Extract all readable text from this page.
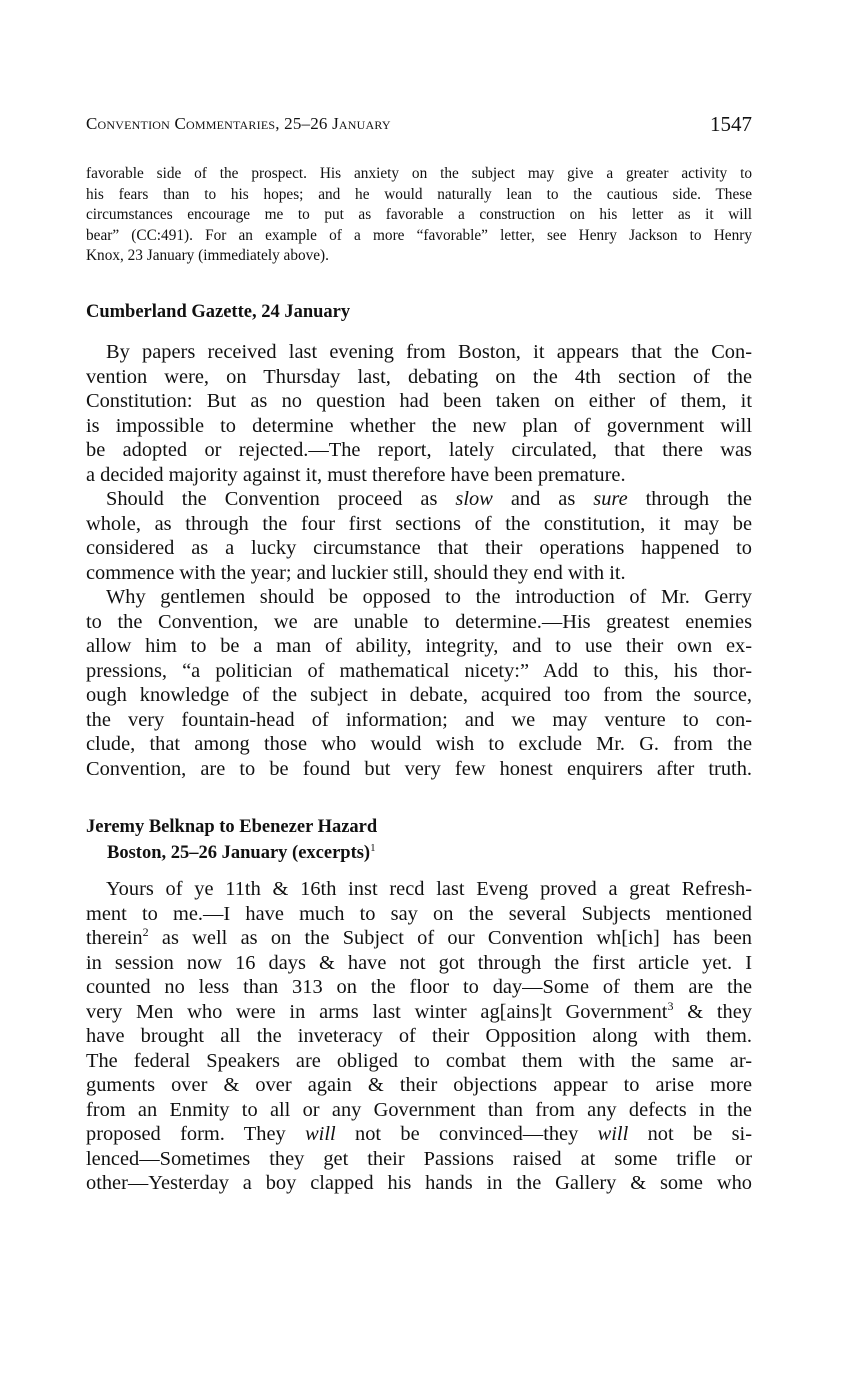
Convention Commentaries, 25–26 January	1547
favorable side of the prospect. His anxiety on the subject may give a greater activity to
his fears than to his hopes; and he would naturally lean to the cautious side. These
circumstances encourage me to put as favorable a construction on his letter as it will
bear” (CC:491). For an example of a more “favorable” letter, see Henry Jackson to Henry
Knox, 23 January (immediately above).
Cumberland Gazette, 24 January
By papers received last evening from Boston, it appears that the Con-
vention were, on Thursday last, debating on the 4th section of the
Constitution: But as no question had been taken on either of them, it
is impossible to determine whether the new plan of government will
be adopted or rejected.—The report, lately circulated, that there was
a decided majority against it, must therefore have been premature.
Should the Convention proceed as slow and as sure through the
whole, as through the four first sections of the constitution, it may be
considered as a lucky circumstance that their operations happened to
commence with the year; and luckier still, should they end with it.
Why gentlemen should be opposed to the introduction of Mr. Gerry
to the Convention, we are unable to determine.—His greatest enemies
allow him to be a man of ability, integrity, and to use their own ex-
pressions, “a politician of mathematical nicety:” Add to this, his thor-
ough knowledge of the subject in debate, acquired too from the source,
the very fountain-head of information; and we may venture to con-
clude, that among those who would wish to exclude Mr. G. from the
Convention, are to be found but very few honest enquirers after truth.
Jeremy Belknap to Ebenezer Hazard
Boston, 25–26 January (excerpts)$^1$
Yours of ye 11th & 16th inst recd last Eveng proved a great Refresh-
ment to me.—I have much to say on the several Subjects mentioned
therein$^2$ as well as on the Subject of our Convention wh[ich] has been
in session now 16 days & have not got through the first article yet. I
counted no less than 313 on the floor to day—Some of them are the
very Men who were in arms last winter ag[ains]t Government$^3$ & they
have brought all the inveteracy of their Opposition along with them.
The federal Speakers are obliged to combat them with the same ar-
guments over & over again & their objections appear to arise more
from an Enmity to all or any Government than from any defects in the
proposed form. They will not be convinced—they will not be si-
lenced—Sometimes they get their Passions raised at some trifle or
other—Yesterday a boy clapped his hands in the Gallery & some who
